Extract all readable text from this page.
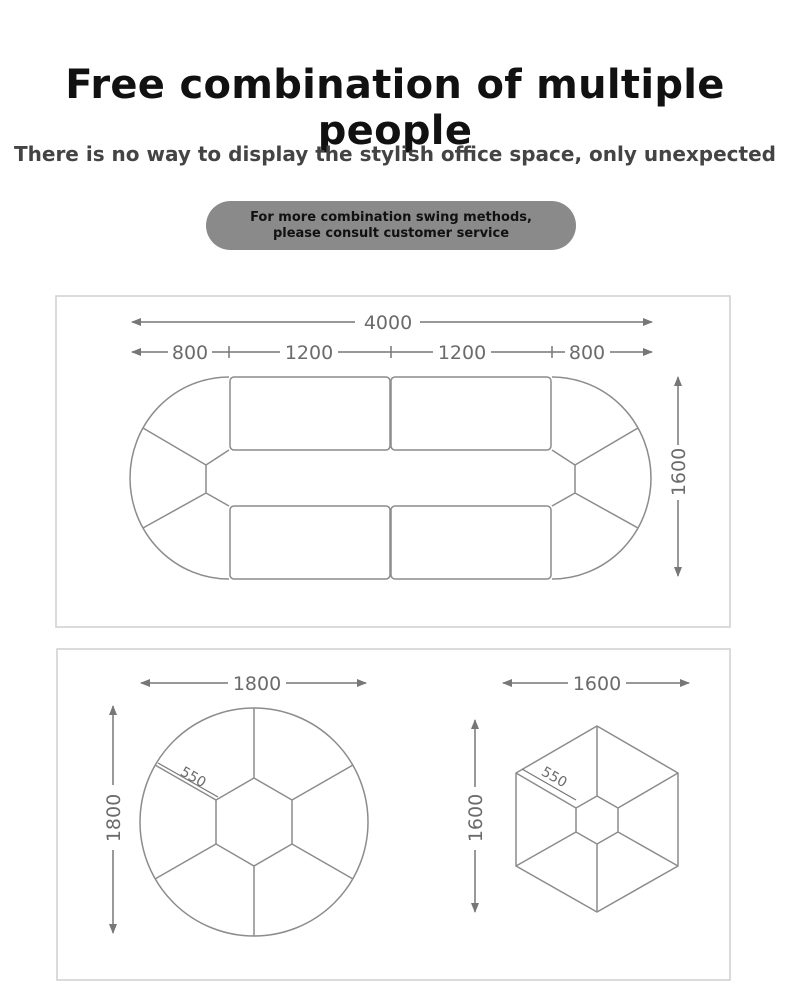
Free combination of multiple people
There is no way to display the stylish office space, only unexpected
For more combination swing methods,
please consult customer service
4000
800	1200	1200	800
1600
1800
1800
550
1600
1600
550
